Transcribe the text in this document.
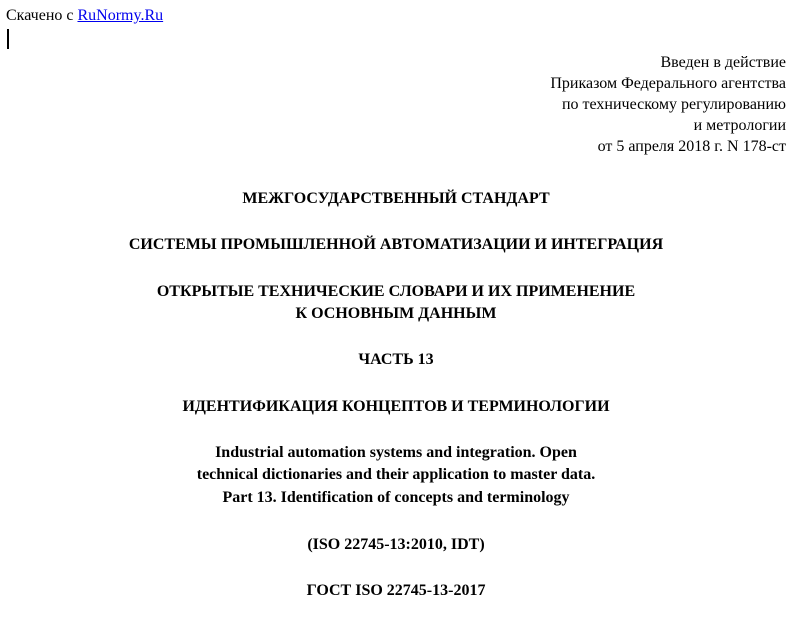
Скачено с RuNormy.Ru
Введен в действие
Приказом Федерального агентства
по техническому регулированию
и метрологии
от 5 апреля 2018 г. N 178-ст
МЕЖГОСУДАРСТВЕННЫЙ СТАНДАРТ
СИСТЕМЫ ПРОМЫШЛЕННОЙ АВТОМАТИЗАЦИИ И ИНТЕГРАЦИЯ
ОТКРЫТЫЕ ТЕХНИЧЕСКИЕ СЛОВАРИ И ИХ ПРИМЕНЕНИЕ
К ОСНОВНЫМ ДАННЫМ
ЧАСТЬ 13
ИДЕНТИФИКАЦИЯ КОНЦЕПТОВ И ТЕРМИНОЛОГИИ
Industrial automation systems and integration. Open
technical dictionaries and their application to master data.
Part 13. Identification of concepts and terminology
(ISO 22745-13:2010, IDT)
ГОСТ ISO 22745-13-2017
